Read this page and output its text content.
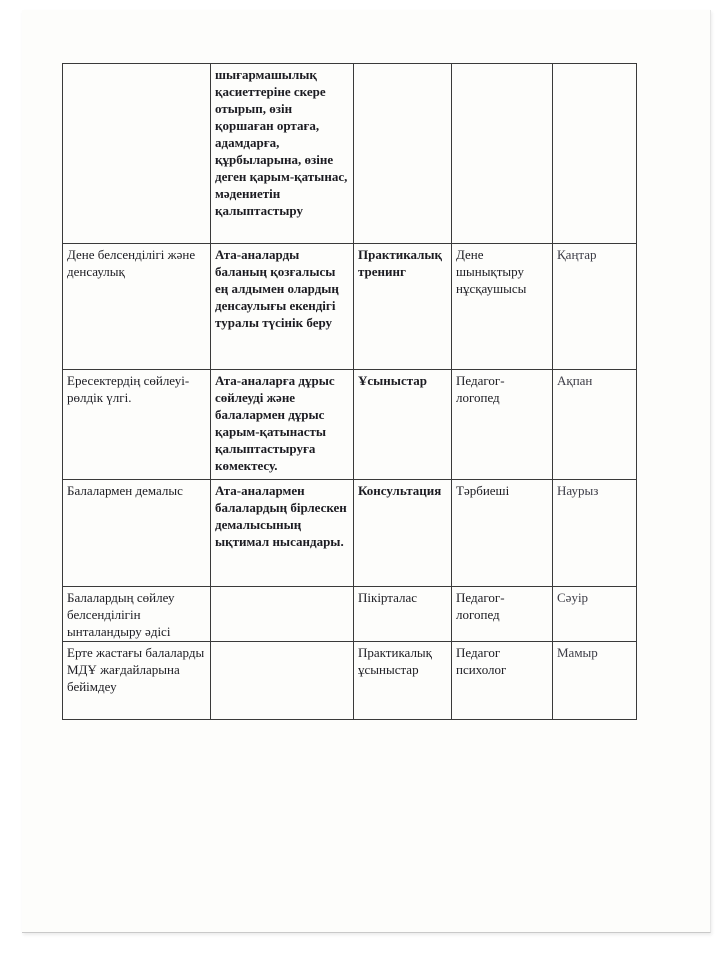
	шығармашылық қасиеттеріне скере отырып, өзін қоршаған ортаға, адамдарға, құрбыларына, өзіне деген қарым-қатынас, мәдениетін қалыптастыру			
Дене белсенділігі және денсаулық	Ата-аналарды баланың қозғалысы ең алдымен олардың денсаулығы екендігі туралы түсінік беру	Практикалық тренинг	Дене шынықтыру нұсқаушысы	Қаңтар
Ересектердің сөйлеуі-рөлдік үлгі.	Ата-аналарға дұрыс сөйлеуді және балалармен дұрыс қарым-қатынасты қалыптастыруға көмектесу.	Ұсыныстар	Педагог-логопед	Ақпан
Балалармен демалыс	Ата-аналармен балалардың бірлескен демалысының ықтимал нысандары.	Консультация	Тәрбиеші	Наурыз
Балалардың сөйлеу белсенділігін ынталандыру әдісі		Пікірталас	Педагог-логопед	Сәуір
Ерте жастағы балаларды МДҰ жағдайларына бейімдеу		Практикалық ұсыныстар	Педагог психолог	Мамыр
